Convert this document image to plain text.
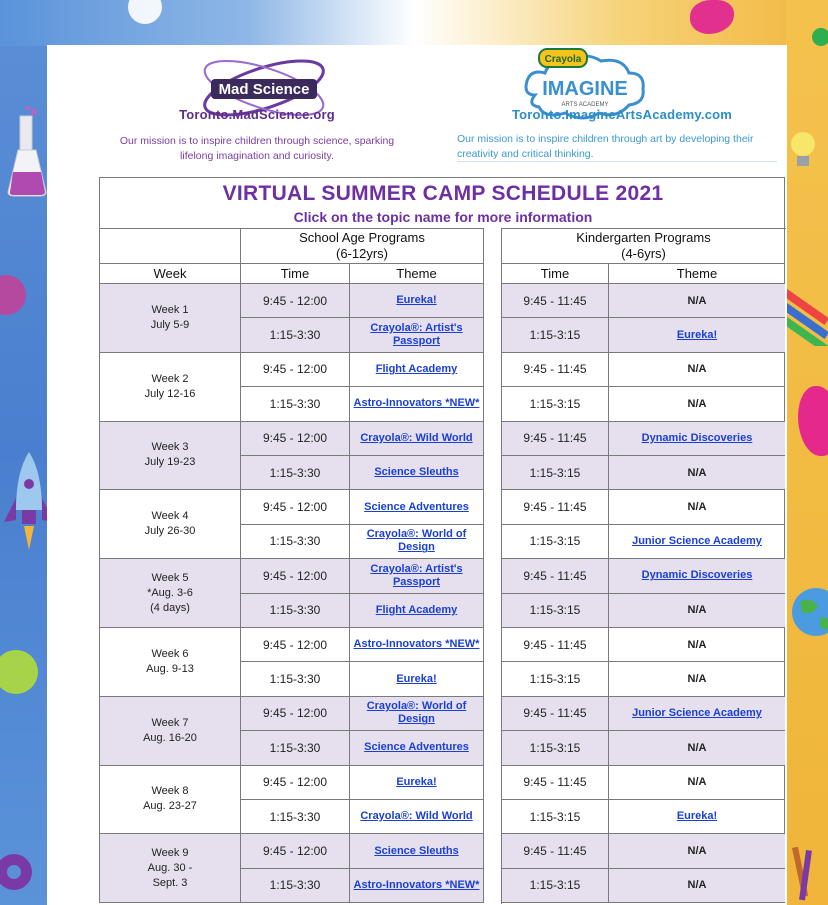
Mad Science
Crayola
IMAGINE
ARTS ACADEMY
Toronto.MadScience.org
Our mission is to inspire children through science, sparking lifelong imagination and curiosity.
Toronto.ImagineArtsAcademy.com
Our mission is to inspire children through art by developing their creativity and critical thinking.
VIRTUAL SUMMER CAMP SCHEDULE 2021
Click on the topic name for more information
School Age Programs
(6-12yrs)
Kindergarten Programs
(4-6yrs)
Week	Time	Theme	Time	Theme
Week 1
July 5-9
9:45 - 12:00	Eureka!	9:45 - 11:45	N/A
1:15-3:30	Crayola®: Artist's Passport	1:15-3:15	Eureka!
Week 2
July 12-16
9:45 - 12:00	Flight Academy	9:45 - 11:45	N/A
1:15-3:30	Astro-Innovators *NEW*	1:15-3:15	N/A
Week 3
July 19-23
9:45 - 12:00	Crayola®: Wild World	9:45 - 11:45	Dynamic Discoveries
1:15-3:30	Science Sleuths	1:15-3:15	N/A
Week 4
July 26-30
9:45 - 12:00	Science Adventures	9:45 - 11:45	N/A
1:15-3:30	Crayola®: World of Design	1:15-3:15	Junior Science Academy
Week 5
*Aug. 3-6
(4 days)
9:45 - 12:00	Crayola®: Artist's Passport	9:45 - 11:45	Dynamic Discoveries
1:15-3:30	Flight Academy	1:15-3:15	N/A
Week 6
Aug. 9-13
9:45 - 12:00	Astro-Innovators *NEW*	9:45 - 11:45	N/A
1:15-3:30	Eureka!	1:15-3:15	N/A
Week 7
Aug. 16-20
9:45 - 12:00	Crayola®: World of Design	9:45 - 11:45	Junior Science Academy
1:15-3:30	Science Adventures	1:15-3:15	N/A
Week 8
Aug. 23-27
9:45 - 12:00	Eureka!	9:45 - 11:45	N/A
1:15-3:30	Crayola®: Wild World	1:15-3:15	Eureka!
Week 9
Aug. 30 -
Sept. 3
9:45 - 12:00	Science Sleuths	9:45 - 11:45	N/A
1:15-3:30	Astro-Innovators *NEW*	1:15-3:15	N/A
